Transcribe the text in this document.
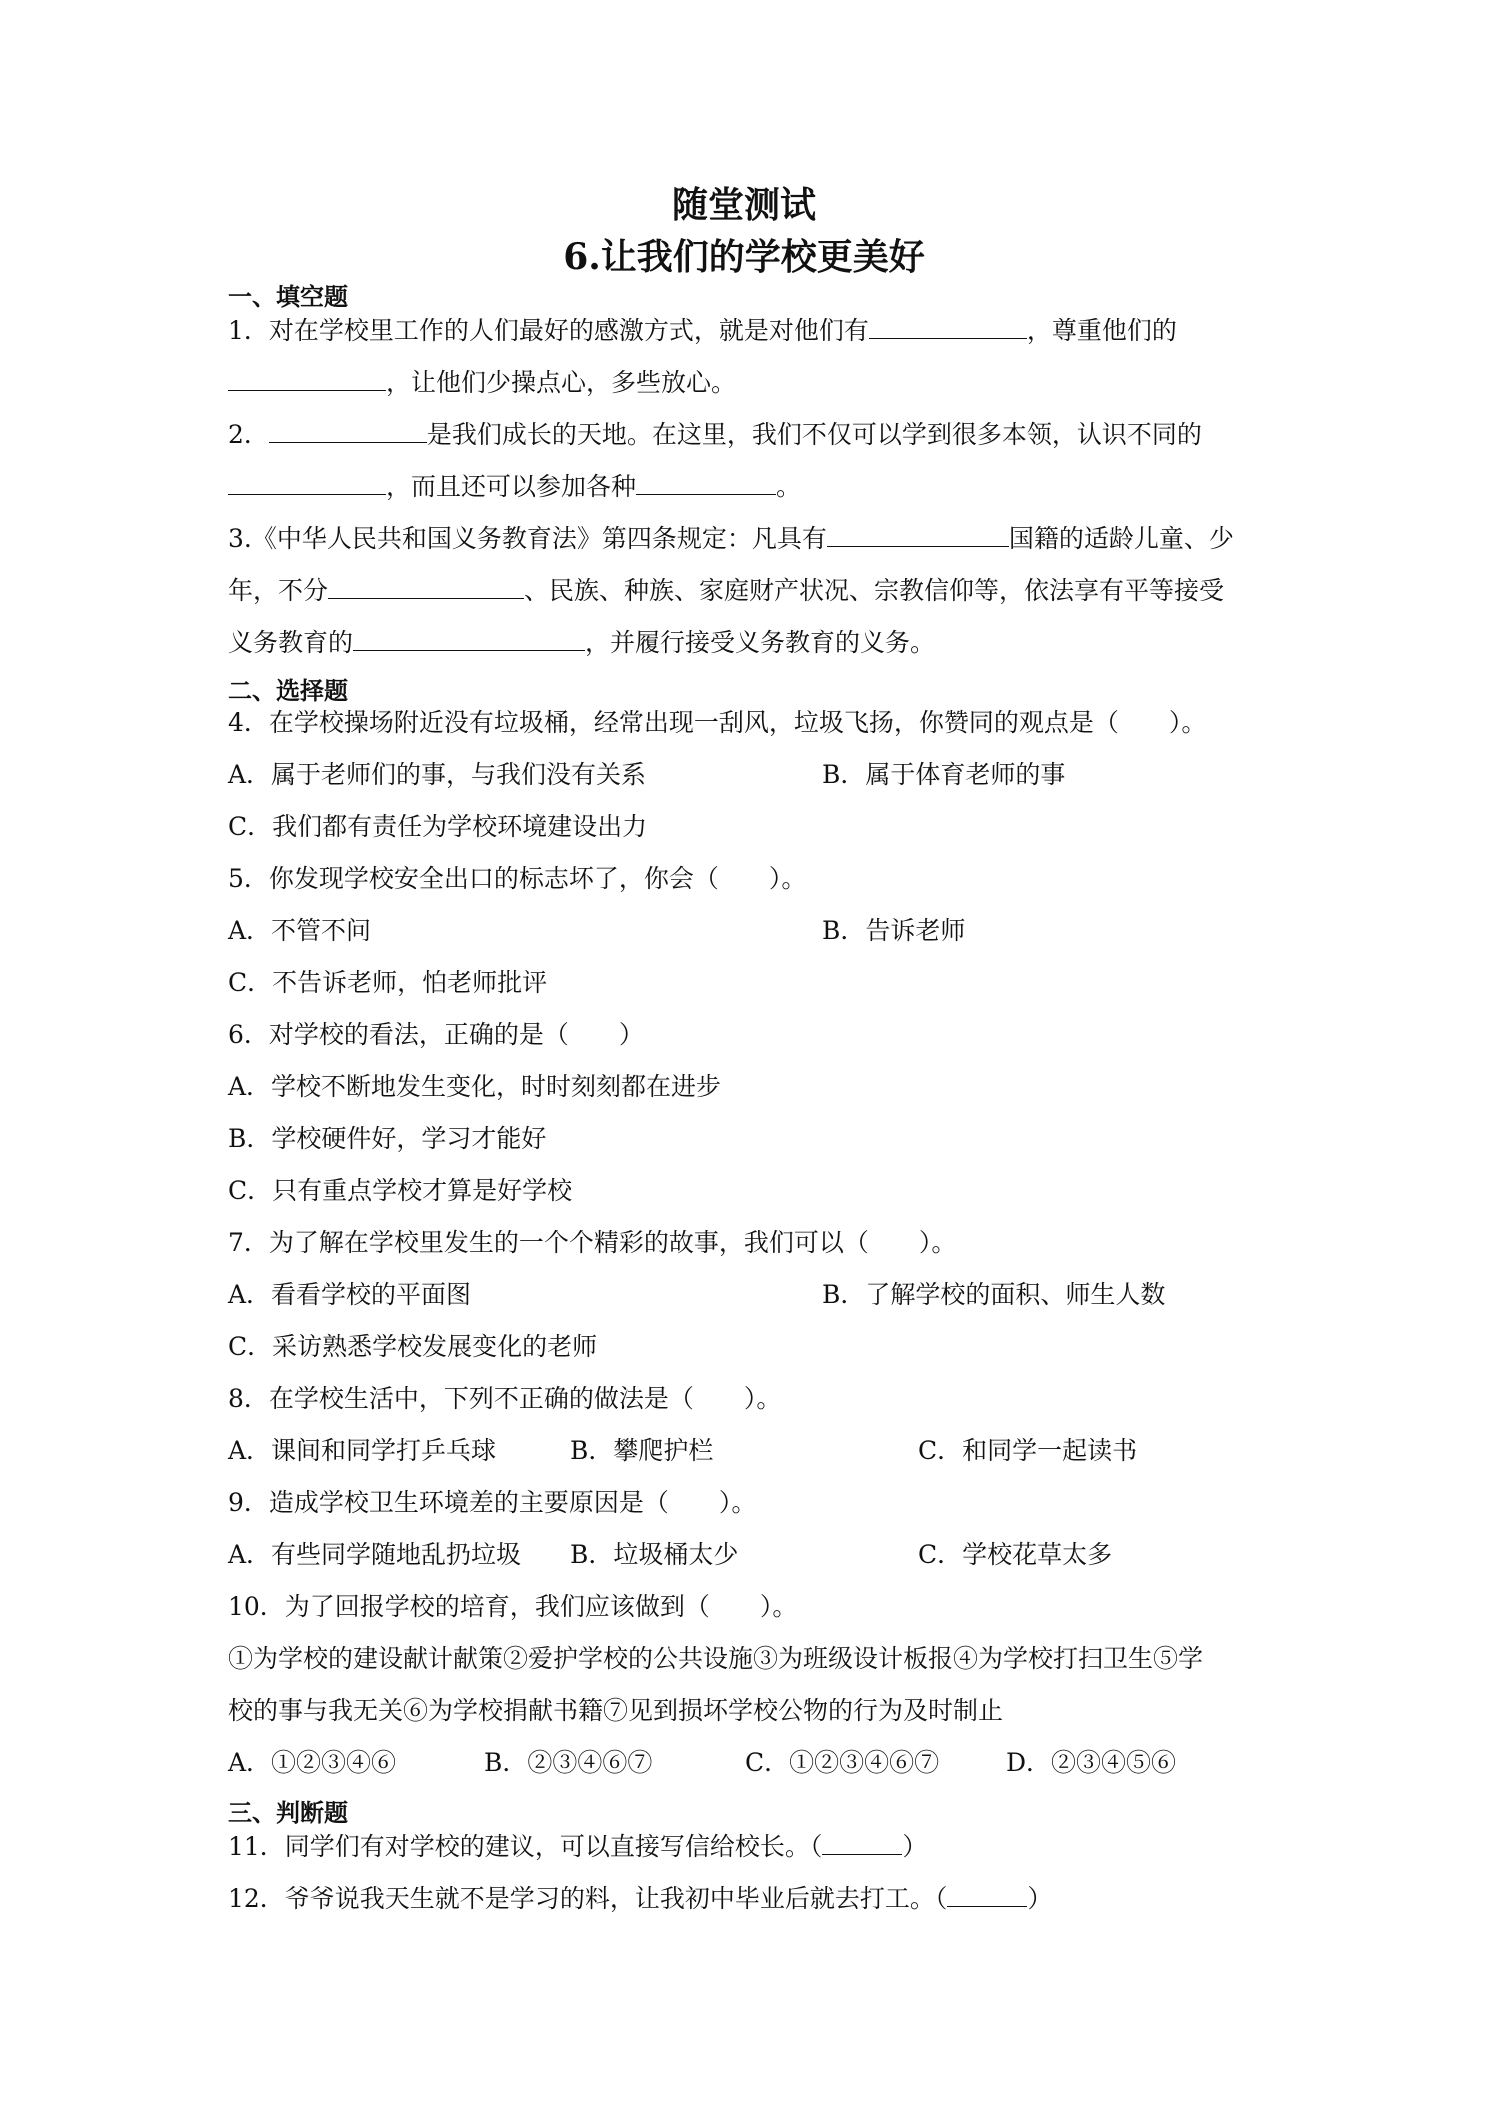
随堂测试
6.让我们的学校更美好
一、填空题
1．对在学校里工作的人们最好的感激方式，就是对他们有	，尊重他们的
，让他们少操点心，多些放心。
2．	是我们成长的天地。在这里，我们不仅可以学到很多本领，认识不同的
，而且还可以参加各种	。
3.《中华人民共和国义务教育法》第四条规定：凡具有	国籍的适龄儿童、少
年，不分	、民族、种族、家庭财产状况、宗教信仰等，依法享有平等接受
义务教育的	，并履行接受义务教育的义务。
二、选择题
4．在学校操场附近没有垃圾桶，经常出现一刮风，垃圾飞扬，你赞同的观点是（　　）。
A．属于老师们的事，与我们没有关系	B．属于体育老师的事
C．我们都有责任为学校环境建设出力
5．你发现学校安全出口的标志坏了，你会（　　）。
A．不管不问	B．告诉老师
C．不告诉老师，怕老师批评
6．对学校的看法，正确的是（　　）
A．学校不断地发生变化，时时刻刻都在进步
B．学校硬件好，学习才能好
C．只有重点学校才算是好学校
7．为了解在学校里发生的一个个精彩的故事，我们可以（　　）。
A．看看学校的平面图	B．了解学校的面积、师生人数
C．采访熟悉学校发展变化的老师
8．在学校生活中，下列不正确的做法是（　　）。
A．课间和同学打乒乓球	B．攀爬护栏	C．和同学一起读书
9．造成学校卫生环境差的主要原因是（　　）。
A．有些同学随地乱扔垃圾 B．垃圾桶太少	C．学校花草太多
10．为了回报学校的培育，我们应该做到（　　）。
①为学校的建设献计献策②爱护学校的公共设施③为班级设计板报④为学校打扫卫生⑤学
校的事与我无关⑥为学校捐献书籍⑦见到损坏学校公物的行为及时制止
A．①②③④⑥	B．②③④⑥⑦	C．①②③④⑥⑦	D．②③④⑤⑥
三、判断题
11．同学们有对学校的建议，可以直接写信给校长。（	）
12．爷爷说我天生就不是学习的料，让我初中毕业后就去打工。（	）
